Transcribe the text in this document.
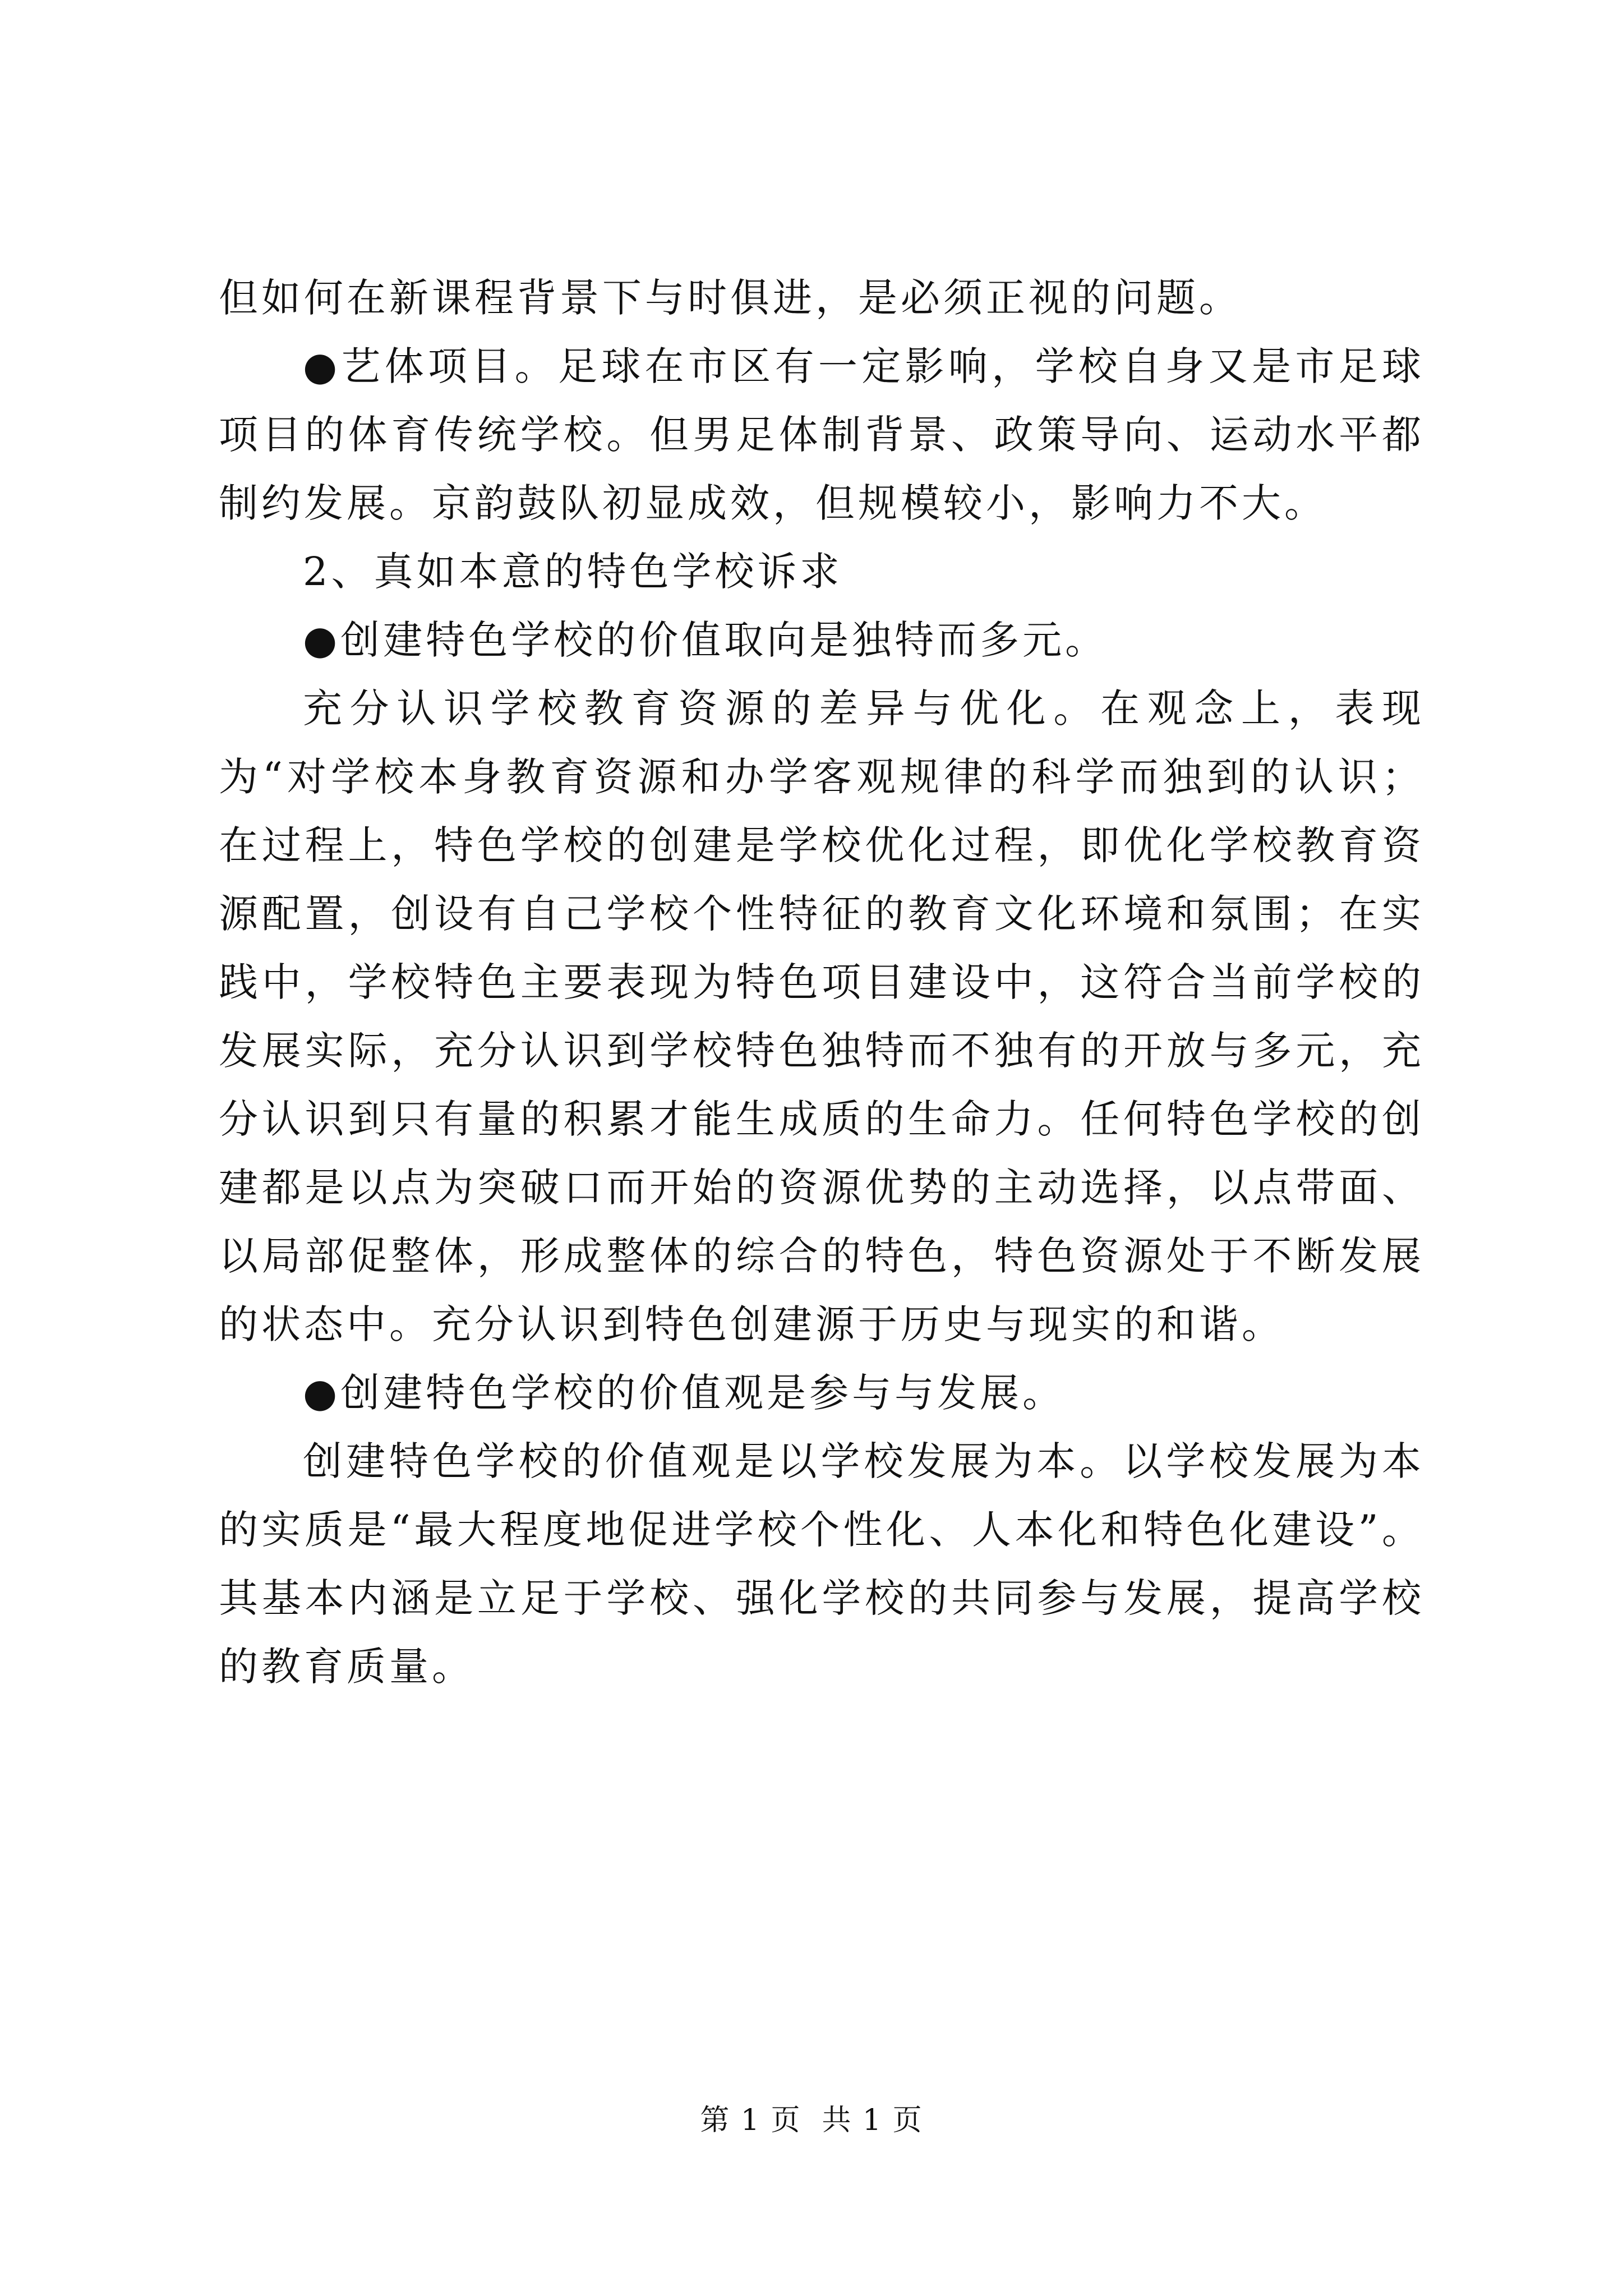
但如何在新课程背景下与时俱进，是必须正视的问题。

●艺体项目。足球在市区有一定影响，学校自身又是市足球项目的体育传统学校。但男足体制背景、政策导向、运动水平都制约发展。京韵鼓队初显成效，但规模较小，影响力不大。

2、真如本意的特色学校诉求

●创建特色学校的价值取向是独特而多元。

充分认识学校教育资源的差异与优化。在观念上，表现为“对学校本身教育资源和办学客观规律的科学而独到的认识；在过程上，特色学校的创建是学校优化过程，即优化学校教育资源配置，创设有自己学校个性特征的教育文化环境和氛围；在实践中，学校特色主要表现为特色项目建设中，这符合当前学校的发展实际，充分认识到学校特色独特而不独有的开放与多元，充分认识到只有量的积累才能生成质的生命力。任何特色学校的创建都是以点为突破口而开始的资源优势的主动选择，以点带面、以局部促整体，形成整体的综合的特色，特色资源处于不断发展的状态中。充分认识到特色创建源于历史与现实的和谐。

●创建特色学校的价值观是参与与发展。

创建特色学校的价值观是以学校发展为本。以学校发展为本的实质是“最大程度地促进学校个性化、人本化和特色化建设”。其基本内涵是立足于学校、强化学校的共同参与发展，提高学校的教育质量。

第 1 页  共 1 页
